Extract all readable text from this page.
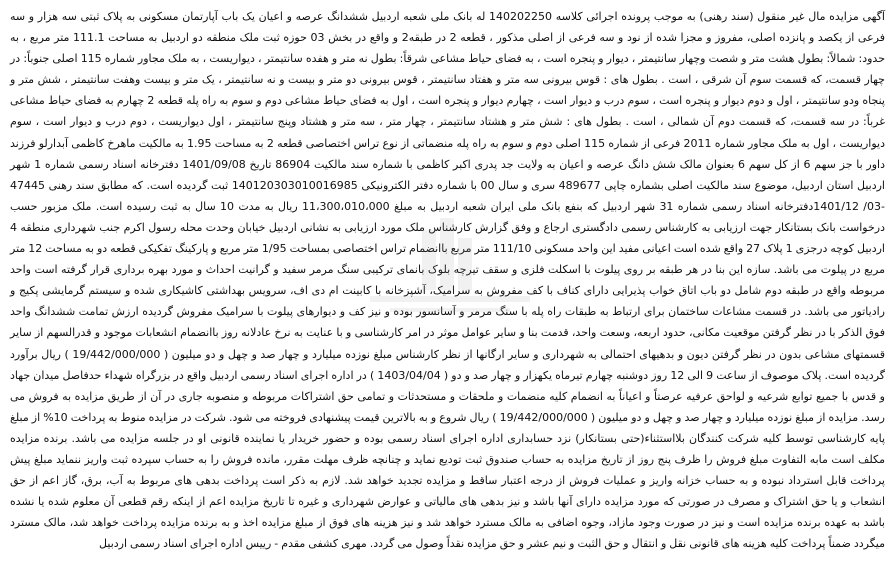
آگهی مزایده مال غیر منقول (سند رهنی) به موجب پرونده اجرائی کلاسه 140202250 له بانک ملی شعبه اردبیل ششدانگ عرصه و اعیان یک باب آپارتمان مسکونی به پلاک ثبتی سه هزار و سه فرعی از یکصد و پانزده اصلی، مفروز و مجزا شده از نود و سه فرعی از اصلی مذکور ، قطعه 2 در طبقه2 و واقع در بخش 03 حوزه ثبت ملک منطقه دو اردبیل به مساحت 111.1 متر مربع ، به حدود: شمالاً: بطول هشت متر و شصت وچهار سانتیمتر ، دیوار و پنجره است ، به فضای حیاط مشاعی شرقاً: بطول نه متر و هفده سانتیمتر ، دیواریست ، به ملک مجاور شماره 115 اصلی جنوباً: در چهار قسمت، که قسمت سوم آن شرقی ، است . بطول های : قوس بیرونی سه متر و هفتاد سانتیمتر ، قوس بیرونی دو متر و بیست و نه سانتیمتر ، یک متر و بیست وهفت سانتیمتر ، شش متر و پنجاه ودو سانتیمتر ، اول و دوم دیوار و پنجره است ، سوم درب و دیوار است ، چهارم دیوار و پنجره است ، اول به فضای حیاط مشاعی دوم و سوم به راه پله قطعه 2 چهارم به فضای حیاط مشاعی غرباً: در سه قسمت، که قسمت دوم آن شمالی ، است . بطول های : شش متر و هشتاد سانتیمتر ، چهار متر ، سه متر و هشتاد وپنج سانتیمتر ، اول دیواریست ، دوم درب و دیوار است ، سوم دیواریست ، اول به ملک مجاور شماره 2011 فرعی از شماره 115 اصلی دوم و سوم به راه پله منضماتی از نوع تراس اختصاصی قطعه 2 به مساحت 1.95 به مالکیت ماهرخ کاظمی آبدارلو فرزند داور با جز سهم 6 از کل سهم 6 بعنوان مالک شش دانگ عرصه و اعیان به ولایت جد پدری اکبر کاظمی با شماره سند مالکیت 86904 تاریخ 1401/09/08 دفترخانه اسناد رسمی شماره 1 شهر اردبیل استان اردبیل، موضوع سند مالکیت اصلی بشماره چاپی 489677 سری و سال 00 با شماره دفتر الکترونیکی 140120303010016985 ثبت گردیده است. که مطابق سند رهنی 47445 -03/ 1401/12دفترخانه اسناد رسمی شماره 31 شهر اردبیل که بنفع بانک ملی ایران شعبه اردبیل به مبلغ 11،300،010،000 ریال به مدت 10 سال به ثبت رسیده است. ملک مزبور حسب درخواست بانک بستانکار جهت ارزیابی به کارشناس رسمی دادگستری ارجاع و وفق گزارش کارشناس ملک مورد ارزیابی به نشانی اردبیل خیابان وحدت محله رسول اکرم جنب شهرداری منطقه 4 اردبیل کوچه درجزی 1 پلاک 27 واقع شده است اعیانی مفید این واحد مسکونی 111/10 متر مربع باانضمام تراس اختصاصی بمساحت 1/95 متر مربع و پارکینگ تفکیکی قطعه دو به مساحت 12 متر مربع در پیلوت می باشد. سازه این بنا در هر طبقه بر روی پیلوت با اسکلت فلزی و سقف تیرچه بلوک بانمای ترکیبی سنگ مرمر سفید و گرانیت احداث و مورد بهره برداری قرار گرفته است واحد مربوطه واقع در طبقه دوم شامل دو باب اتاق خواب پذیرایی دارای کناف با کف مفروش به سرامیک، آشپزخانه با کابینت ام دی اف، سرویس بهداشتی کاشیکاری شده و سیستم گرمایشی پکیج و رادیاتور می باشد. در قسمت مشاعات ساختمان برای ارتباط به طبقات راه پله با سنگ مرمر و آسانسور بوده و نیز کف و دیوارهای پیلوت با سرامیک مفروش گردیده ارزش تمامت ششدانگ واحد فوق الذکر با در نظر گرفتن موقعیت مکانی، حدود اربعه، وسعت واحد، قدمت بنا و سایر عوامل موثر در امر کارشناسی و با عنایت به نرخ عادلانه روز باانضمام انشعابات موجود و قدرالسهم از سایر قسمتهای مشاعی بدون در نظر گرفتن دیون و بدهیهای احتمالی به شهرداری و سایر ارگانها از نظر کارشناس مبلغ نوزده میلیارد و چهار صد و چهل و دو میلیون ( 19/442/000/000 ) ریال برآورد گردیده است. پلاک موصوف از ساعت 9 الی 12 روز دوشنبه چهارم تیرماه یکهزار و چهار صد و دو ( 1403/04/04 ) در اداره اجرای اسناد رسمی اردبیل واقع در بزرگراه شهداء حدفاصل میدان جهاد و قدس با جمیع توابع شرعیه و لواحق عرفیه عرصتاً و اعیاناً به انضمام کلیه منضمات و ملحقات و مستحدثات و تمامی حق اشتراکات مربوطه و منصوبه جاری در آن از طریق مزایده به فروش می رسد. مزایده از مبلغ نوزده میلیارد و چهار صد و چهل و دو میلیون ( 19/442/000/000 ) ریال شروع و به بالاترین قیمت پیشنهادی فروخته می شود. شرکت در مزایده منوط به پرداخت 10% از مبلغ پایه کارشناسی توسط کلیه شرکت کنندگان بلااستثناء(حتی بستانکار) نزد حسابداری اداره اجرای اسناد رسمی بوده و حضور خریدار یا نماینده قانونی او در جلسه مزایده می باشد. برنده مزایده مکلف است مابه التفاوت مبلغ فروش را ظرف پنج روز از تاریخ مزایده به حساب صندوق ثبت تودیع نماید و چنانچه ظرف مهلت مقرر، مانده فروش را به حساب سپرده ثبت واریز ننماید مبلغ پیش پرداخت قابل استرداد نبوده و به حساب خزانه واریز و عملیات فروش از درجه اعتبار ساقط و مزایده تجدید خواهد شد. لازم به ذکر است پرداخت بدهی های مربوط به آب، برق، گاز اعم از حق انشعاب و یا حق اشتراک و مصرف در صورتی که مورد مزایده دارای آنها باشد و نیز بدهی های مالیاتی و عوارض شهرداری و غیره تا تاریخ مزایده اعم از اینکه رقم قطعی آن معلوم شده یا نشده باشد به عهده برنده مزایده است و نیز در صورت وجود مازاد، وجوه اضافی به مالک مسترد خواهد شد و نیز هزینه های فوق از مبلغ مزایده اخذ و به برنده مزایده پرداخت خواهد شد، مالک مسترد میگردد ضمناً پرداخت کلیه هزینه های قانونی نقل و انتقال و حق الثبت و نیم عشر و حق مزایده نقداً وصول می گردد. مهری کشفی مقدم - رییس اداره اجرای اسناد رسمی اردبیل
